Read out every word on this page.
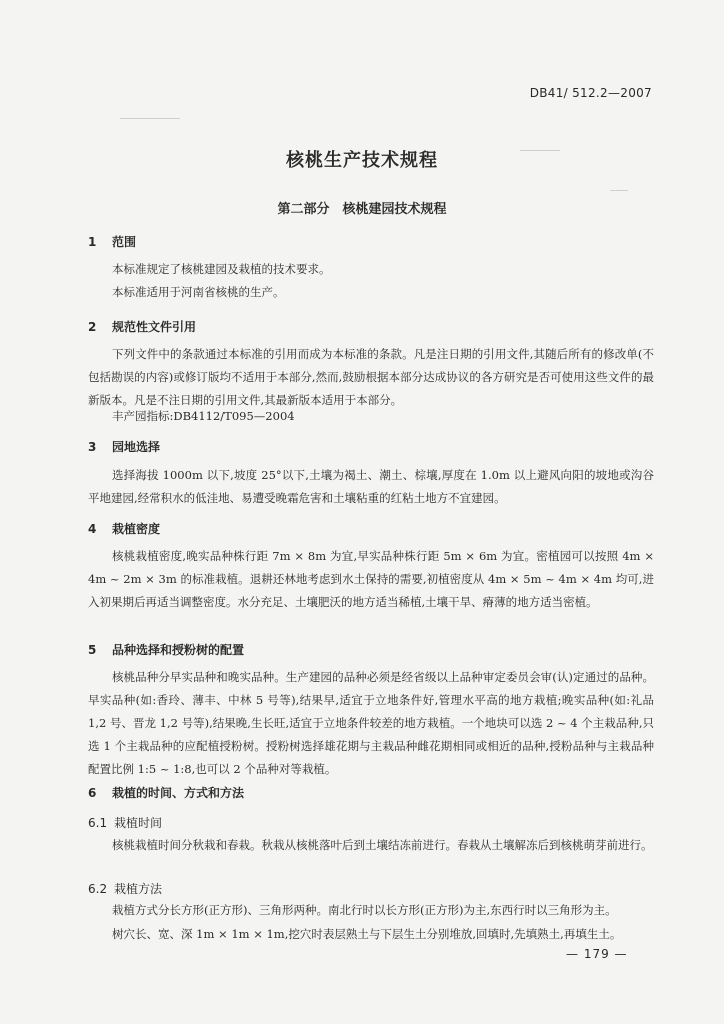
DB41/ 512.2—2007
核桃生产技术规程
第二部分　核桃建园技术规程
1 范围
本标准规定了核桃建园及栽植的技术要求。
本标准适用于河南省核桃的生产。
2 规范性文件引用
下列文件中的条款通过本标准的引用而成为本标准的条款。凡是注日期的引用文件,其随后所有的修改单(不包括勘误的内容)或修订版均不适用于本部分,然而,鼓励根据本部分达成协议的各方研究是否可使用这些文件的最新版本。凡是不注日期的引用文件,其最新版本适用于本部分。
丰产园指标:DB4112/T095—2004
3 园地选择
选择海拔 1000m 以下,坡度 25°以下,土壤为褐土、潮土、棕壤,厚度在 1.0m 以上避风向阳的坡地或沟谷平地建园,经常积水的低洼地、易遭受晚霜危害和土壤粘重的红粘土地方不宜建园。
4 栽植密度
核桃栽植密度,晚实品种株行距 7m × 8m 为宜,早实品种株行距 5m × 6m 为宜。密植园可以按照 4m × 4m ~ 2m × 3m 的标准栽植。退耕还林地考虑到水土保持的需要,初植密度从 4m × 5m ~ 4m × 4m 均可,进入初果期后再适当调整密度。水分充足、土壤肥沃的地方适当稀植,土壤干旱、瘠薄的地方适当密植。
5 品种选择和授粉树的配置
核桃品种分早实品种和晚实品种。生产建园的品种必须是经省级以上品种审定委员会审(认)定通过的品种。早实品种(如:香玲、薄丰、中林 5 号等),结果早,适宜于立地条件好,管理水平高的地方栽植;晚实品种(如:礼品 1,2 号、晋龙 1,2 号等),结果晚,生长旺,适宜于立地条件较差的地方栽植。一个地块可以选 2 ~ 4 个主栽品种,只选 1 个主栽品种的应配植授粉树。授粉树选择雄花期与主栽品种雌花期相同或相近的品种,授粉品种与主栽品种配置比例 1:5 ~ 1:8,也可以 2 个品种对等栽植。
6 栽植的时间、方式和方法
6.1 栽植时间
核桃栽植时间分秋栽和春栽。秋栽从核桃落叶后到土壤结冻前进行。春栽从土壤解冻后到核桃萌芽前进行。
6.2 栽植方法
栽植方式分长方形(正方形)、三角形两种。南北行时以长方形(正方形)为主,东西行时以三角形为主。
树穴长、宽、深 1m × 1m × 1m,挖穴时表层熟土与下层生土分别堆放,回填时,先填熟土,再填生土。
— 179 —
